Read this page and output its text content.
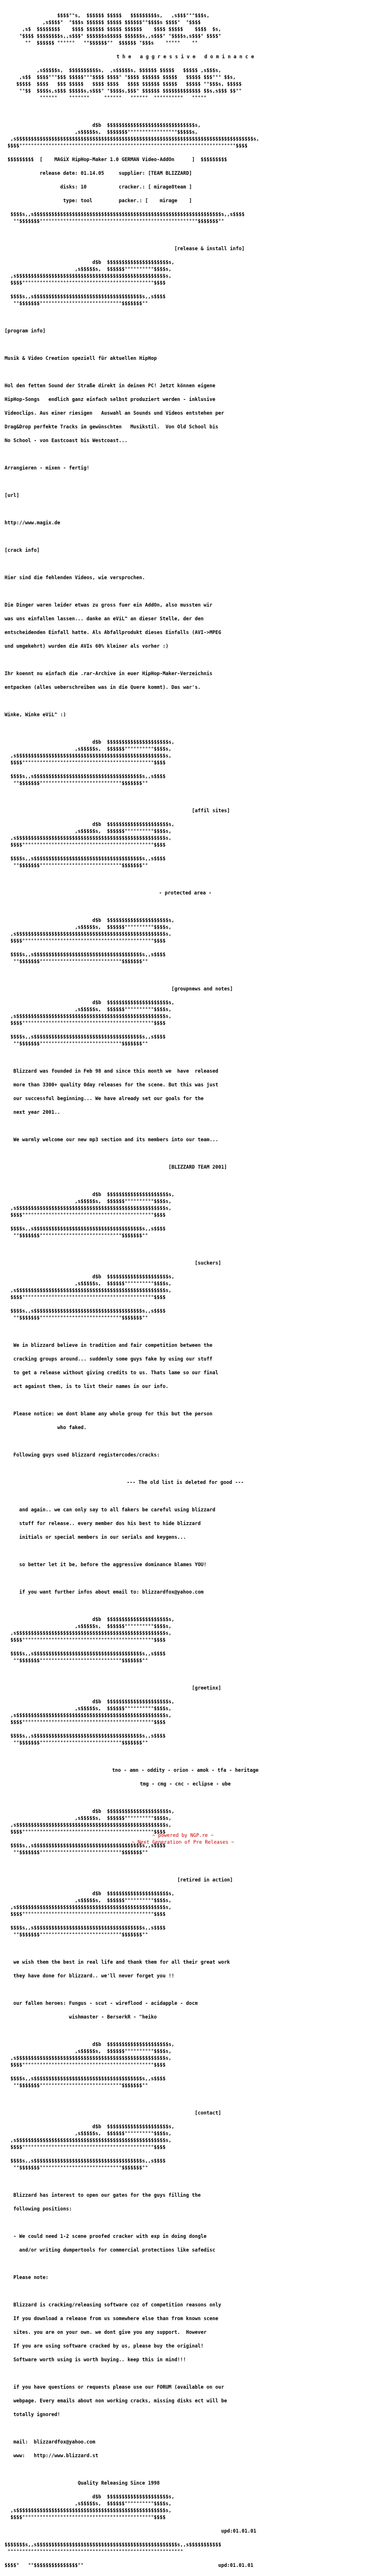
$$$$°°s,  $$$$$$ $$$$$   $$$$$$$$$s,   ,s$$$°°°$$$s,
,s$$$$°  °$$$s $$$$$$ $$$$$ $$$$$$°°$$$$s $$$$°  °$$$$
,s$  $$$$$$$$    $$$$ $$$$$$ $$$$$ $$$$$$    $$$$ $$$$$    $$$$  $s,
°$$$$ $$$$$$$$s,,s$$$° $$$$$$s$$$$$ $$$$$$s,,s$$$° °$$$$s,s$$$° $$$$°
°°  $$$$$$ °°°°°°   °°$$$$$$°°  $$$$$$ °$$$s    °°°°°    °°

t h e   a g g r e s s i v e   d o m i n a n c e

,s$$$$$s,  $$$$$$$$$$s,  ,s$$$$$s, $$$$$$ $$$$$   $$$$$ ,s$$$s,
,s$$  $$$$°°°$$$ $$$$$°°°$$$$ $$$$° °$$$$ $$$$$$ $$$$$   $$$$$ $$$°°° $$s,
$$$$$  $$$$   $$$ $$$$$   $$$$ $$$$   $$$$ $$$$$$ $$$$$   $$$$$ °°$$$s, $$$$$
°°$$  $$$$s,s$$$ $$$$$s,s$$$° °$$$$s,$$$° $$$$$$ $$$$$$$$$$$$$ $$s,s$$$ $$°°
°°°°°°    °°°°°°°     °°°°°°   °°°°°°  °°°°°°°°°°   °°°°°

d$b  $$$$$$$$$$$$$$$$$$$$$$$$$$$$$$s,
,s$$$$$s,  $$$$$$$°°°°°°°°°°°°°°°°°$$$$$s,
,s$$$$$$$$$$$$$$$$$$$$$$$$$$$$$$$$$$$$$$$$$$$$$$$$$$$$$$$$$$$$$$$$$$$$$$$$$$$$$$$$$s,
$$$$°°°°°°°°°°°°°°°°°°°°°°°°°°°°°°°°°°°°°°°°°°°°°°°°°°°°°°°°°°°°°°°°°°°°°°°°°°$$$$

$$$$$$$$$  [    MAGiX HipHop-Maker 1.0 GERMAN Video-AddOn      ]  $$$$$$$$$

release date: 01.14.05	supplier: [TEAM BLIZZARD]

disks: 10	cracker.: [ mirage8team ]

type: tool	packer.: [    mirage    ]

$$$$s,,s$$$$$$$$$$$$$$$$$$$$$$$$$$$$$$$$$$$$$$$$$$$$$$$$$$$$$$$$$$$$$$$$s,,s$$$$
°°$$$$$$$°°°°°°°°°°°°°°°°°°°°°°°°°°°°°°°°°°°°°°°°°°°°°°°°°°°°°°$$$$$$$°°

[release & install info]

d$b  $$$$$$$$$$$$$$$$$$$$$s,
,s$$$$$s,  $$$$$$°°°°°°°°°°$$$$s,
,s$$$$$$$$$$$$$$$$$$$$$$$$$$$$$$$$$$$$$$$$$$$$$$$$$$$s,
$$$$°°°°°°°°°°°°°°°°°°°°°°°°°°°°°°°°°°°°°°°°°°°°°$$$$

$$$$s,,s$$$$$$$$$$$$$$$$$$$$$$$$$$$$$$$$$$$$$s,,s$$$$
°°$$$$$$$°°°°°°°°°°°°°°°°°°°°°°°°°°°°$$$$$$$°°

[program info]

Musik & Video Creation speziell für aktuellen HipHop

Hol den fetten Sound der Straße direkt in deinen PC! Jetzt können eigene

HipHop-Songs   endlich ganz einfach selbst produziert werden - inklusive

Videoclips. Aus einer riesigen   Auswahl an Sounds und Videos entstehen per

Drag&Drop perfekte Tracks im gewünschten   Musikstil.  Von Old School bis

No School - von Eastcoast bis Westcoast...

Arrangieren - mixen - fertig!

[url]

http://www.magix.de

[crack info]

Hier sind die fehlenden Videos, wie versprochen.

Die Dinger waren leider etwas zu gross fuer ein AddOn, also mussten wir

was uns einfallen lassen... danke an eViL^ an dieser Stelle, der den

entscheidenden Einfall hatte. Als Abfallprodukt dieses Einfalls (AVI->MPEG

und umgekehrt) wurden die AVIs 60% kleiner als vorher :)

Ihr koennt nu einfach die .rar-Archive in euer HipHop-Maker-Verzeichnis

entpacken (alles ueberschreiben was in die Quere kommt). Das war's.

Winke, Winke eViL^ :)

d$b  $$$$$$$$$$$$$$$$$$$$$s,
,s$$$$$s,  $$$$$$°°°°°°°°°°$$$$s,
,s$$$$$$$$$$$$$$$$$$$$$$$$$$$$$$$$$$$$$$$$$$$$$$$$$$$s,
$$$$°°°°°°°°°°°°°°°°°°°°°°°°°°°°°°°°°°°°°°°°°°°°°$$$$

$$$$s,,s$$$$$$$$$$$$$$$$$$$$$$$$$$$$$$$$$$$$$s,,s$$$$
°°$$$$$$$°°°°°°°°°°°°°°°°°°°°°°°°°°°°$$$$$$$°°

[affil sites]

d$b  $$$$$$$$$$$$$$$$$$$$$s,
,s$$$$$s,  $$$$$$°°°°°°°°°°$$$$s,
,s$$$$$$$$$$$$$$$$$$$$$$$$$$$$$$$$$$$$$$$$$$$$$$$$$$$s,
$$$$°°°°°°°°°°°°°°°°°°°°°°°°°°°°°°°°°°°°°°°°°°°°°$$$$

$$$$s,,s$$$$$$$$$$$$$$$$$$$$$$$$$$$$$$$$$$$$$s,,s$$$$
°°$$$$$$$°°°°°°°°°°°°°°°°°°°°°°°°°°°°$$$$$$$°°

- protected area -

d$b  $$$$$$$$$$$$$$$$$$$$$s,
,s$$$$$s,  $$$$$$°°°°°°°°°°$$$$s,
,s$$$$$$$$$$$$$$$$$$$$$$$$$$$$$$$$$$$$$$$$$$$$$$$$$$$s,
$$$$°°°°°°°°°°°°°°°°°°°°°°°°°°°°°°°°°°°°°°°°°°°°°$$$$

$$$$s,,s$$$$$$$$$$$$$$$$$$$$$$$$$$$$$$$$$$$$$s,,s$$$$
°°$$$$$$$°°°°°°°°°°°°°°°°°°°°°°°°°°°°$$$$$$$°°

[groupnews and notes]

d$b  $$$$$$$$$$$$$$$$$$$$$s,
,s$$$$$s,  $$$$$$°°°°°°°°°°$$$$s,
,s$$$$$$$$$$$$$$$$$$$$$$$$$$$$$$$$$$$$$$$$$$$$$$$$$$$s,
$$$$°°°°°°°°°°°°°°°°°°°°°°°°°°°°°°°°°°°°°°°°°°°°°$$$$

$$$$s,,s$$$$$$$$$$$$$$$$$$$$$$$$$$$$$$$$$$$$$s,,s$$$$
°°$$$$$$$°°°°°°°°°°°°°°°°°°°°°°°°°°°°$$$$$$$°°

Blizzard was founded in Feb 98 and since this month we  have  released

more than 3300+ quality 0day releases for the scene. But this was just

our successful beginning... We have already set our goals for the

next year 2001..

We warmly welcome our new mp3 section and its members into our team...

[BLIZZARD TEAM 2001]

d$b  $$$$$$$$$$$$$$$$$$$$$s,
,s$$$$$s,  $$$$$$°°°°°°°°°°$$$$s,
,s$$$$$$$$$$$$$$$$$$$$$$$$$$$$$$$$$$$$$$$$$$$$$$$$$$$s,
$$$$°°°°°°°°°°°°°°°°°°°°°°°°°°°°°°°°°°°°°°°°°°°°°$$$$

$$$$s,,s$$$$$$$$$$$$$$$$$$$$$$$$$$$$$$$$$$$$$s,,s$$$$
°°$$$$$$$°°°°°°°°°°°°°°°°°°°°°°°°°°°°$$$$$$$°°

[suckers]

d$b  $$$$$$$$$$$$$$$$$$$$$s,
,s$$$$$s,  $$$$$$°°°°°°°°°°$$$$s,
,s$$$$$$$$$$$$$$$$$$$$$$$$$$$$$$$$$$$$$$$$$$$$$$$$$$$s,
$$$$°°°°°°°°°°°°°°°°°°°°°°°°°°°°°°°°°°°°°°°°°°°°°$$$$

$$$$s,,s$$$$$$$$$$$$$$$$$$$$$$$$$$$$$$$$$$$$$s,,s$$$$
°°$$$$$$$°°°°°°°°°°°°°°°°°°°°°°°°°°°°$$$$$$$°°

We in blizzard believe in tradition and fair competition between the

cracking groups around... suddenly some guys fake by using our stuff

to get a release without giving credits to us. Thats lame so our final

act against them, is to list their names in our info.

Please notice: we dont blame any whole group for this but the person

who faked.

Following guys used blizzard registercodes/cracks:

--- The old list is deleted for good ---

and again.. we can only say to all fakers be careful using blizzard

stuff for release.. every member dos his best to hide blizzard

initials or special members in our serials and keygens...

so better let it be, before the aggressive dominance blames YOU!

if you want further infos about email to: blizzardfox@yahoo.com

d$b  $$$$$$$$$$$$$$$$$$$$$s,
,s$$$$$s,  $$$$$$°°°°°°°°°°$$$$s,
,s$$$$$$$$$$$$$$$$$$$$$$$$$$$$$$$$$$$$$$$$$$$$$$$$$$$s,
$$$$°°°°°°°°°°°°°°°°°°°°°°°°°°°°°°°°°°°°°°°°°°°°°$$$$

$$$$s,,s$$$$$$$$$$$$$$$$$$$$$$$$$$$$$$$$$$$$$s,,s$$$$
°°$$$$$$$°°°°°°°°°°°°°°°°°°°°°°°°°°°°$$$$$$$°°

[greetinx]

d$b  $$$$$$$$$$$$$$$$$$$$$s,
,s$$$$$s,  $$$$$$°°°°°°°°°°$$$$s,
,s$$$$$$$$$$$$$$$$$$$$$$$$$$$$$$$$$$$$$$$$$$$$$$$$$$$s,
$$$$°°°°°°°°°°°°°°°°°°°°°°°°°°°°°°°°°°°°°°°°°°°°°$$$$

$$$$s,,s$$$$$$$$$$$$$$$$$$$$$$$$$$$$$$$$$$$$$s,,s$$$$
°°$$$$$$$°°°°°°°°°°°°°°°°°°°°°°°°°°°°$$$$$$$°°

tno - amn - oddity - orion - amok - tfa - heritage

tmg - cmg - cnc - eclipse - ube

d$b  $$$$$$$$$$$$$$$$$$$$$s,
,s$$$$$s,  $$$$$$°°°°°°°°°°$$$$s,
,s$$$$$$$$$$$$$$$$$$$$$$$$$$$$$$$$$$$$$$$$$$$$$$$$$$$s,
$$$$°°°°°°°°°°°°°°°°°°°°°°°°°°°°°°°°°°°°°°°°°°°°°$$$$

$$$$s,,s$$$$$$$$$$$$$$$$$$$$$$$$$$$$$$$$$$$$$s,,s$$$$
°°$$$$$$$°°°°°°°°°°°°°°°°°°°°°°°°°°°°$$$$$$$°°

[retired in action]

d$b  $$$$$$$$$$$$$$$$$$$$$s,
,s$$$$$s,  $$$$$$°°°°°°°°°°$$$$s,
,s$$$$$$$$$$$$$$$$$$$$$$$$$$$$$$$$$$$$$$$$$$$$$$$$$$$s,
$$$$°°°°°°°°°°°°°°°°°°°°°°°°°°°°°°°°°°°°°°°°°°°°°$$$$

$$$$s,,s$$$$$$$$$$$$$$$$$$$$$$$$$$$$$$$$$$$$$s,,s$$$$
°°$$$$$$$°°°°°°°°°°°°°°°°°°°°°°°°°°°°$$$$$$$°°

we wish them the best in real life and thank them for all their great work

they have done for blizzard.. we'll never forget you !!

our fallen heroes: Fungus - scut - wireflood - acidapple - docm

wishmaster - BerserkR - "heiko

d$b  $$$$$$$$$$$$$$$$$$$$$s,
,s$$$$$s,  $$$$$$°°°°°°°°°°$$$$s,
,s$$$$$$$$$$$$$$$$$$$$$$$$$$$$$$$$$$$$$$$$$$$$$$$$$$$s,
$$$$°°°°°°°°°°°°°°°°°°°°°°°°°°°°°°°°°°°°°°°°°°°°°$$$$

$$$$s,,s$$$$$$$$$$$$$$$$$$$$$$$$$$$$$$$$$$$$$s,,s$$$$
°°$$$$$$$°°°°°°°°°°°°°°°°°°°°°°°°°°°°$$$$$$$°°

[contact]

d$b  $$$$$$$$$$$$$$$$$$$$$s,
,s$$$$$s,  $$$$$$°°°°°°°°°°$$$$s,
,s$$$$$$$$$$$$$$$$$$$$$$$$$$$$$$$$$$$$$$$$$$$$$$$$$$$s,
$$$$°°°°°°°°°°°°°°°°°°°°°°°°°°°°°°°°°°°°°°°°°°°°°$$$$

$$$$s,,s$$$$$$$$$$$$$$$$$$$$$$$$$$$$$$$$$$$$$s,,s$$$$
°°$$$$$$$°°°°°°°°°°°°°°°°°°°°°°°°°°°°$$$$$$$°°

Blizzard has interest to open our gates for the guys filling the

following positions:

- We could need 1-2 scene proofed cracker with exp in doing dongle

and/or writing dumpertools for commercial protections like safedisc

Please note:

Blizzard is cracking/releasing software coz of competition reasons only

If you download a release from us somewhere else than from known scene

sites. you are on your own. we dont give you any support.  However

If you are using software cracked by us, please buy the original!

Software worth using is worth buying.. keep this in mind!!!

if you have questions or requests please use our FORUM (available on our

webpage. Every emails about non working cracks, missing disks ect will be

totally ignored!

mail:  blizzardfox@yahoo.com

www:   http://www.blizzard.st

Quality Releasing Since 1998

d$b  $$$$$$$$$$$$$$$$$$$$$s,
,s$$$$$s,  $$$$$$°°°°°°°°°°$$$$s,
,s$$$$$$$$$$$$$$$$$$$$$$$$$$$$$$$$$$$$$$$$$$$$$$$$$$$s,
$$$$°°°°°°°°°°°°°°°°°°°°°°°°°°°°°°°°°°°°°°°°°°°°°$$$$

upd:01.01.01

$$$$$$$s,,s$$$$$$$$$$$$$$$$$$$$$$$$$$$$$$$$$$$$$$$$$$$$$$$$s,,s$$$$$$$$$$$
°°°°°°°°°°°°°°°°°°°°°°°°°°°°°°°°°°°°°°°°°°°°°°°°°°°°°°°°°°°°

$$$$°   °°$$$$$$$$$$$$$$$°°	upd:01.01.01

~ powered by NGP.re ~
~ Next Generation of Pre Releases ~
